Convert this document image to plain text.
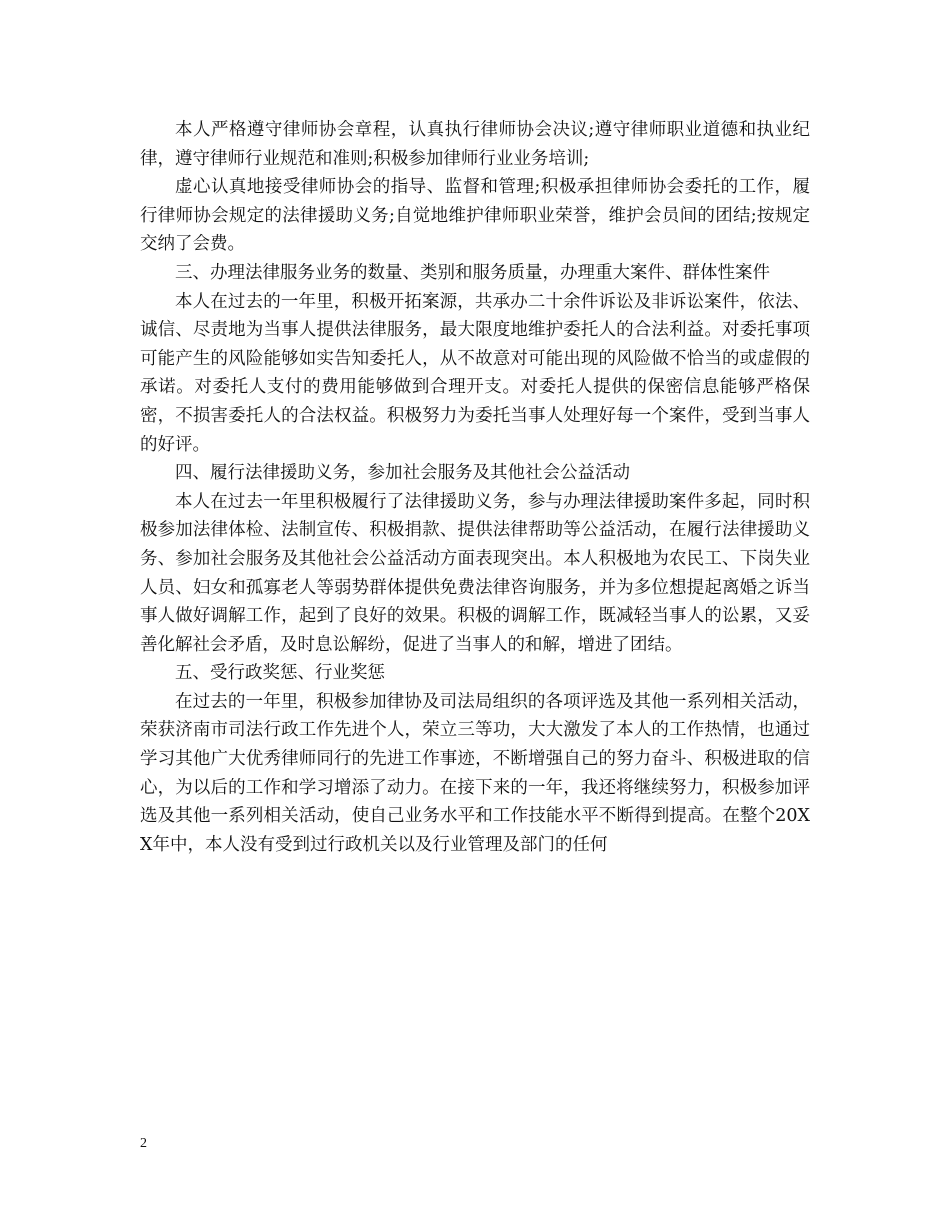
本人严格遵守律师协会章程，认真执行律师协会决议;遵守律师职业道德和执业纪律，遵守律师行业规范和准则;积极参加律师行业业务培训;

虚心认真地接受律师协会的指导、监督和管理;积极承担律师协会委托的工作，履行律师协会规定的法律援助义务;自觉地维护律师职业荣誉，维护会员间的团结;按规定交纳了会费。

三、办理法律服务业务的数量、类别和服务质量，办理重大案件、群体性案件

本人在过去的一年里，积极开拓案源，共承办二十余件诉讼及非诉讼案件，依法、诚信、尽责地为当事人提供法律服务，最大限度地维护委托人的合法利益。对委托事项可能产生的风险能够如实告知委托人，从不故意对可能出现的风险做不恰当的或虚假的承诺。对委托人支付的费用能够做到合理开支。对委托人提供的保密信息能够严格保密，不损害委托人的合法权益。积极努力为委托当事人处理好每一个案件，受到当事人的好评。

四、履行法律援助义务，参加社会服务及其他社会公益活动

本人在过去一年里积极履行了法律援助义务，参与办理法律援助案件多起，同时积极参加法律体检、法制宣传、积极捐款、提供法律帮助等公益活动，在履行法律援助义务、参加社会服务及其他社会公益活动方面表现突出。本人积极地为农民工、下岗失业人员、妇女和孤寡老人等弱势群体提供免费法律咨询服务，并为多位想提起离婚之诉当事人做好调解工作，起到了良好的效果。积极的调解工作，既减轻当事人的讼累，又妥善化解社会矛盾，及时息讼解纷，促进了当事人的和解，增进了团结。

五、受行政奖惩、行业奖惩

在过去的一年里，积极参加律协及司法局组织的各项评选及其他一系列相关活动，荣获济南市司法行政工作先进个人，荣立三等功，大大激发了本人的工作热情，也通过学习其他广大优秀律师同行的先进工作事迹，不断增强自己的努力奋斗、积极进取的信心，为以后的工作和学习增添了动力。在接下来的一年，我还将继续努力，积极参加评选及其他一系列相关活动，使自己业务水平和工作技能水平不断得到提高。在整个20XX年中，本人没有受到过行政机关以及行业管理及部门的任何

2
